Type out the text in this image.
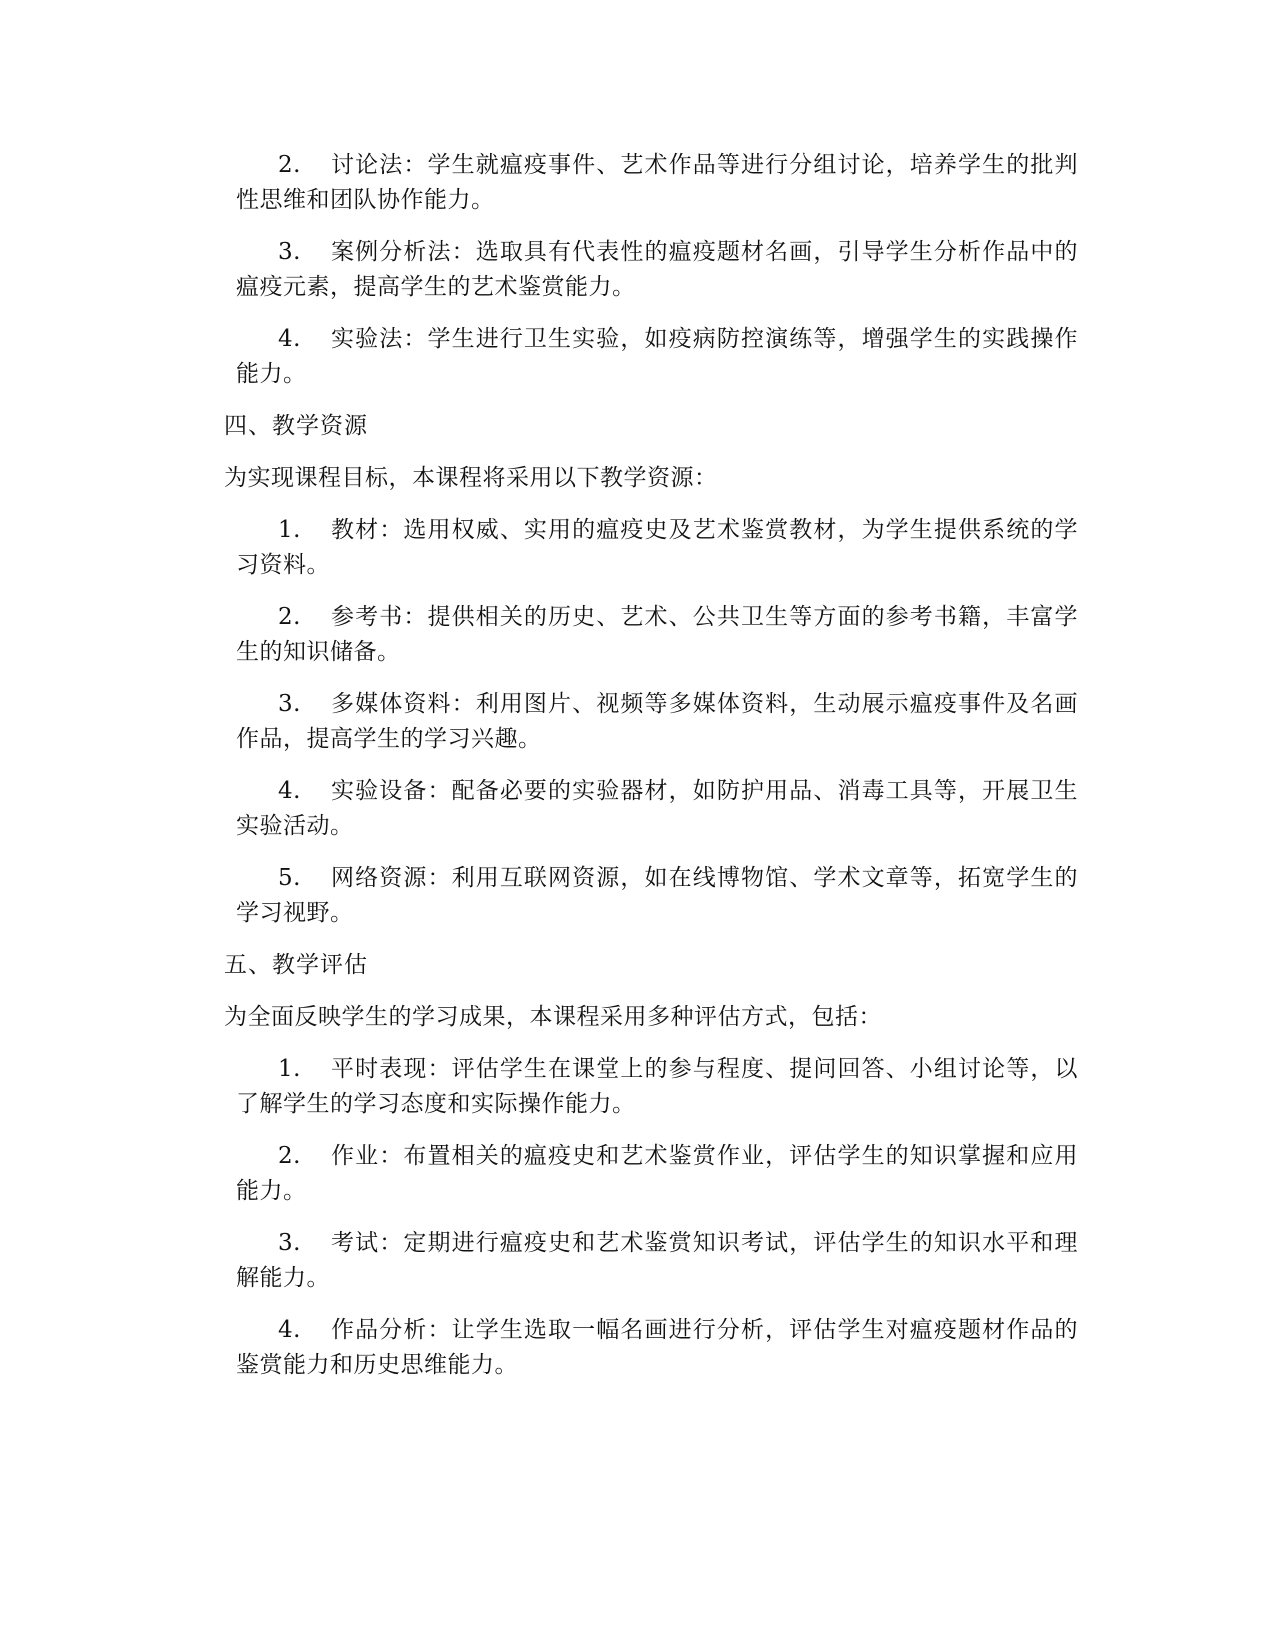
2.	讨论法：学生就瘟疫事件、艺术作品等进行分组讨论，培养学生的批判性思维和团队协作能力。
3.	案例分析法：选取具有代表性的瘟疫题材名画，引导学生分析作品中的瘟疫元素，提高学生的艺术鉴赏能力。
4.	实验法：学生进行卫生实验，如疫病防控演练等，增强学生的实践操作能力。
四、教学资源
为实现课程目标，本课程将采用以下教学资源：
1.	教材：选用权威、实用的瘟疫史及艺术鉴赏教材，为学生提供系统的学习资料。
2.	参考书：提供相关的历史、艺术、公共卫生等方面的参考书籍，丰富学生的知识储备。
3.	多媒体资料：利用图片、视频等多媒体资料，生动展示瘟疫事件及名画作品，提高学生的学习兴趣。
4.	实验设备：配备必要的实验器材，如防护用品、消毒工具等，开展卫生实验活动。
5.	网络资源：利用互联网资源，如在线博物馆、学术文章等，拓宽学生的学习视野。
五、教学评估
为全面反映学生的学习成果，本课程采用多种评估方式，包括：
1.	平时表现：评估学生在课堂上的参与程度、提问回答、小组讨论等，以了解学生的学习态度和实际操作能力。
2.	作业：布置相关的瘟疫史和艺术鉴赏作业，评估学生的知识掌握和应用能力。
3.	考试：定期进行瘟疫史和艺术鉴赏知识考试，评估学生的知识水平和理解能力。
4.	作品分析：让学生选取一幅名画进行分析，评估学生对瘟疫题材作品的鉴赏能力和历史思维能力。
